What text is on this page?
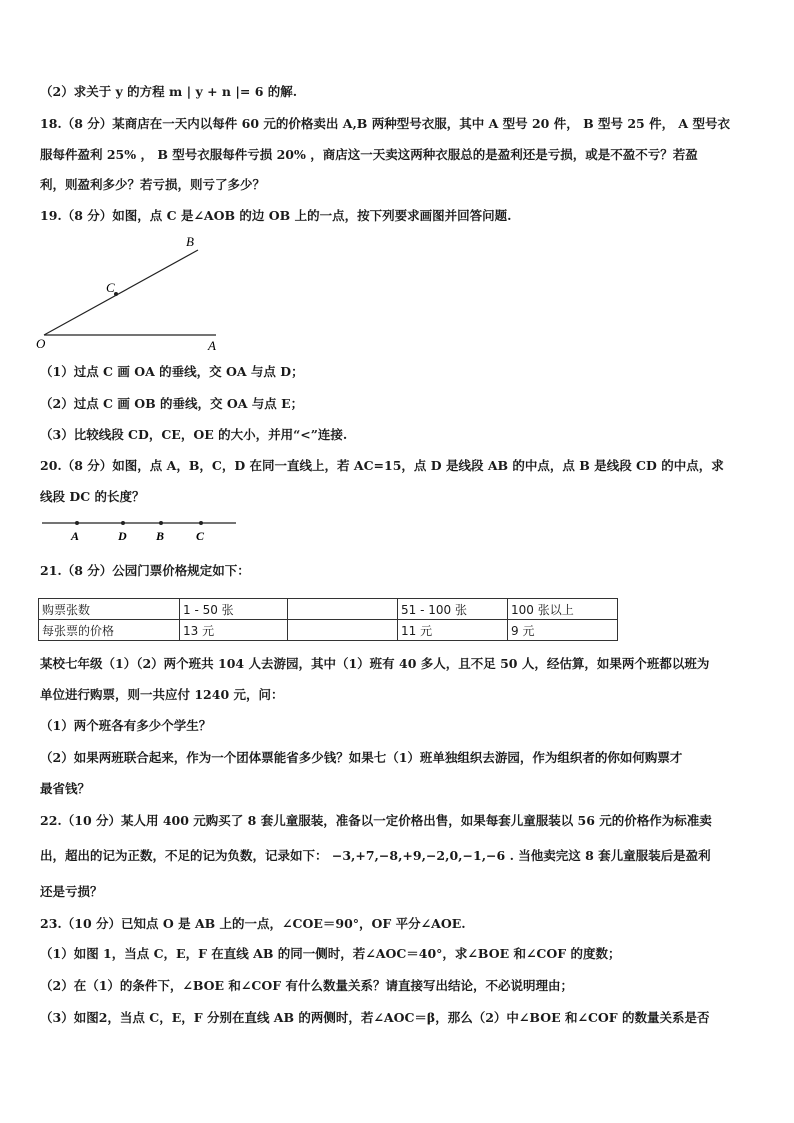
（2）求关于 y 的方程 m | y + n |= 6 的解.
18.（8 分）某商店在一天内以每件 60 元的价格卖出 A,B 两种型号衣服，其中 A 型号 20 件， B 型号 25 件， A 型号衣
服每件盈利 25% ， B 型号衣服每件亏损 20% ，商店这一天卖这两种衣服总的是盈利还是亏损，或是不盈不亏？若盈
利，则盈利多少？若亏损，则亏了多少？
19.（8 分）如图，点 C 是∠AOB 的边 OB 上的一点，按下列要求画图并回答问题.
B
C
O	A
（1）过点 C 画 OA 的垂线，交 OA 与点 D；
（2）过点 C 画 OB 的垂线，交 OA 与点 E；
（3）比较线段 CD，CE，OE 的大小，并用“<”连接.
20.（8 分）如图，点 A，B，C，D 在同一直线上，若 AC=15，点 D 是线段 AB 的中点，点 B 是线段 CD 的中点，求
线段 DC 的长度？
A	D B	C
21.（8 分）公园门票价格规定如下：
购票张数	1 - 50 张		51 - 100 张	100 张以上
每张票的价格	13 元		11 元	9 元
某校七年级（1）（2）两个班共 104 人去游园，其中（1）班有 40 多人，且不足 50 人，经估算，如果两个班都以班为
单位进行购票，则一共应付 1240 元，问：
（1）两个班各有多少个学生？
（2）如果两班联合起来，作为一个团体票能省多少钱？如果七（1）班单独组织去游园，作为组织者的你如何购票才
最省钱？
22.（10 分）某人用 400 元购买了 8 套儿童服装，准备以一定价格出售，如果每套儿童服装以 56 元的价格作为标准卖
出，超出的记为正数，不足的记为负数，记录如下： −3,+7,−8,+9,−2,0,−1,−6 . 当他卖完这 8 套儿童服装后是盈利
还是亏损？
23.（10 分）已知点 O 是 AB 上的一点，∠COE＝90°，OF 平分∠AOE.
（1）如图 1，当点 C，E，F 在直线 AB 的同一侧时，若∠AOC＝40°，求∠BOE 和∠COF 的度数；
（2）在（1）的条件下，∠BOE 和∠COF 有什么数量关系？请直接写出结论，不必说明理由；
（3）如图2，当点 C，E，F 分别在直线 AB 的两侧时，若∠AOC＝β，那么（2）中∠BOE 和∠COF 的数量关系是否
